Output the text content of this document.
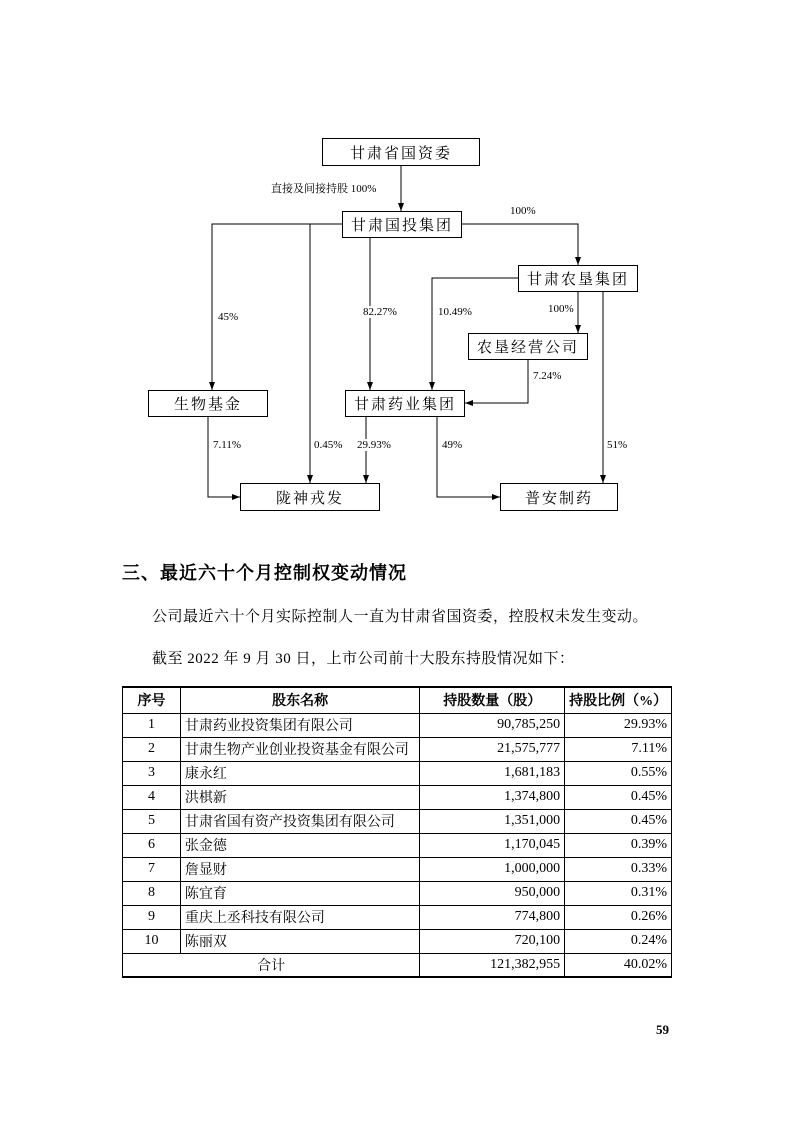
甘肃省国资委
甘肃国投集团
甘肃农垦集团
农垦经营公司
甘肃药业集团
生物基金
陇神戎发	普安制药
直接及间接持股 100%
100%
100%
45%	82.27%	10.49%
7.24%
7.11%	0.45% 29.93%	49%	51%
三、最近六十个月控制权变动情况

公司最近六十个月实际控制人一直为甘肃省国资委，控股权未发生变动。

截至 2022 年 9 月 30 日，上市公司前十大股东持股情况如下：

序号	股东名称	持股数量（股）	持股比例（%）
1	甘肃药业投资集团有限公司	90,785,250	29.93%
2	甘肃生物产业创业投资基金有限公司	21,575,777	7.11%
3	康永红	1,681,183	0.55%
4	洪棋新	1,374,800	0.45%
5	甘肃省国有资产投资集团有限公司	1,351,000	0.45%
6	张金德	1,170,045	0.39%
7	詹显财	1,000,000	0.33%
8	陈宜育	950,000	0.31%
9	重庆上丞科技有限公司	774,800	0.26%
10	陈丽双	720,100	0.24%
合计		121,382,955	40.02%
59
